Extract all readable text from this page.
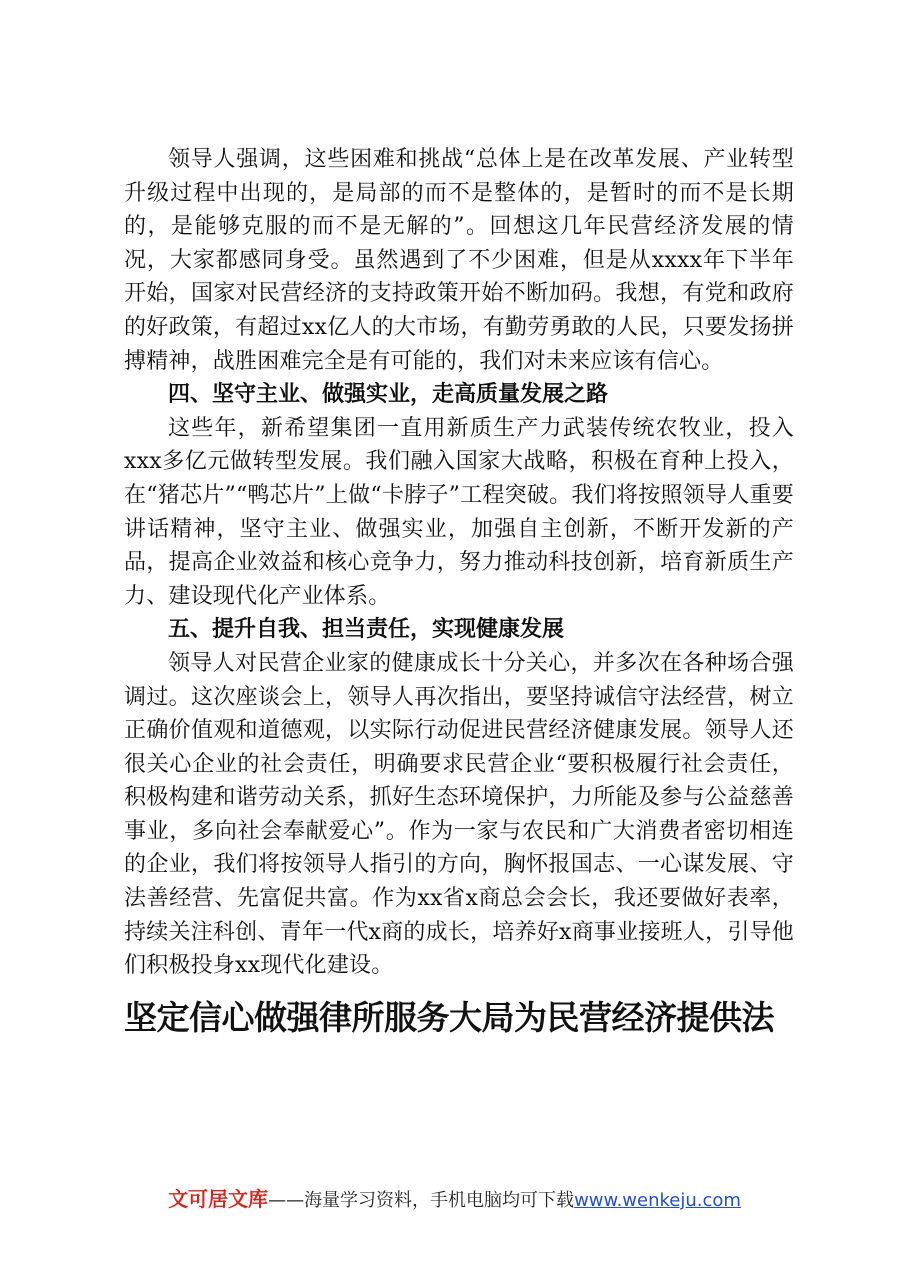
领导人强调，这些困难和挑战“总体上是在改革发展、产业转型升级过程中出现的，是局部的而不是整体的，是暂时的而不是长期的，是能够克服的而不是无解的”。回想这几年民营经济发展的情况，大家都感同身受。虽然遇到了不少困难，但是从xxxx年下半年开始，国家对民营经济的支持政策开始不断加码。我想，有党和政府的好政策，有超过xx亿人的大市场，有勤劳勇敢的人民，只要发扬拼搏精神，战胜困难完全是有可能的，我们对未来应该有信心。

四、坚守主业、做强实业，走高质量发展之路

这些年，新希望集团一直用新质生产力武装传统农牧业，投入xxx多亿元做转型发展。我们融入国家大战略，积极在育种上投入，在“猪芯片”“鸭芯片”上做“卡脖子”工程突破。我们将按照领导人重要讲话精神，坚守主业、做强实业，加强自主创新，不断开发新的产品，提高企业效益和核心竞争力，努力推动科技创新，培育新质生产力、建设现代化产业体系。

五、提升自我、担当责任，实现健康发展

领导人对民营企业家的健康成长十分关心，并多次在各种场合强调过。这次座谈会上，领导人再次指出，要坚持诚信守法经营，树立正确价值观和道德观，以实际行动促进民营经济健康发展。领导人还很关心企业的社会责任，明确要求民营企业“要积极履行社会责任，积极构建和谐劳动关系，抓好生态环境保护，力所能及参与公益慈善事业，多向社会奉献爱心”。作为一家与农民和广大消费者密切相连的企业，我们将按领导人指引的方向，胸怀报国志、一心谋发展、守法善经营、先富促共富。作为xx省x商总会会长，我还要做好表率，持续关注科创、青年一代x商的成长，培养好x商事业接班人，引导他们积极投身xx现代化建设。

坚定信心做强律所服务大局为民营经济提供法
文可居文库——海量学习资料，手机电脑均可下载www.wenkeju.com
